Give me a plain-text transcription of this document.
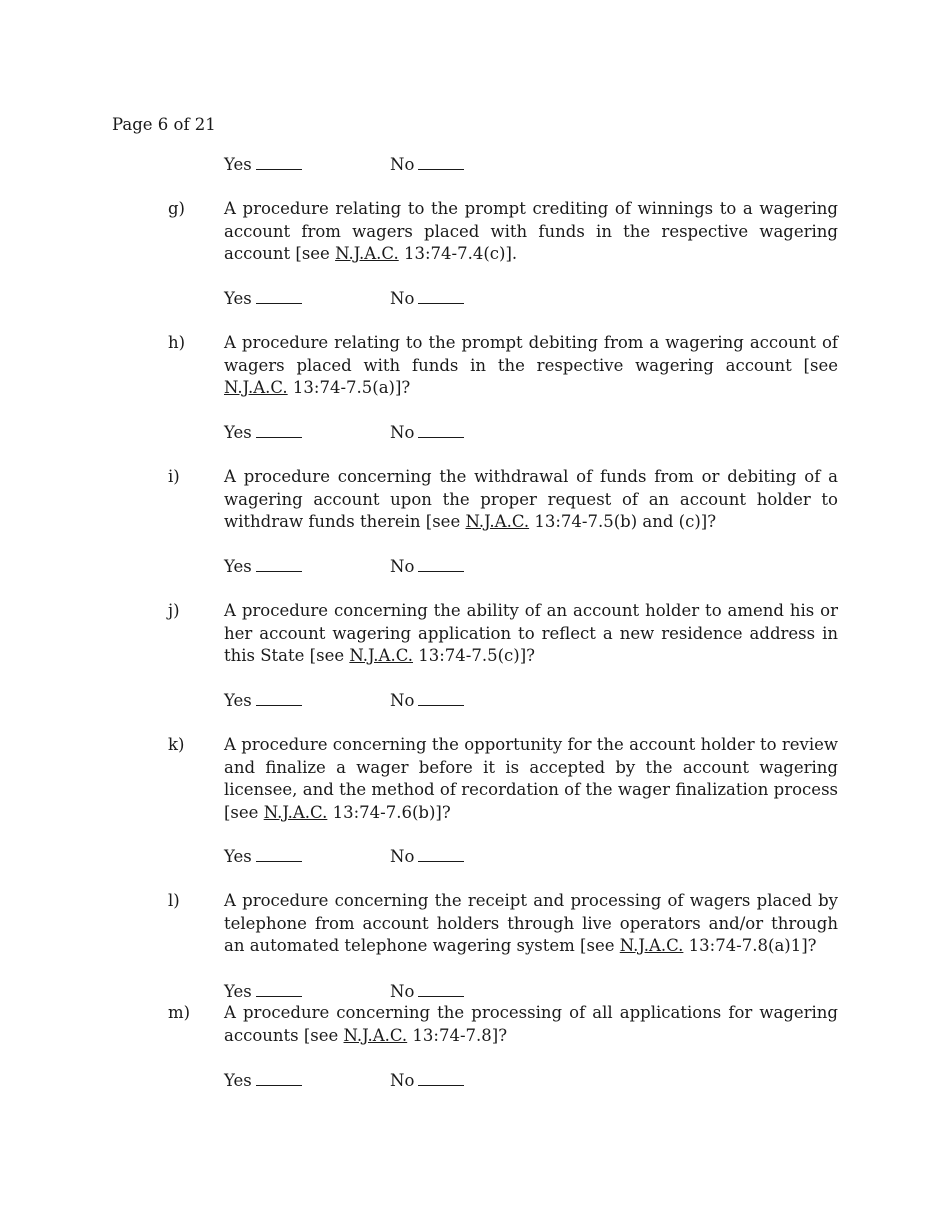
Page 6 of 21
Yes	No
g) A procedure relating to the prompt crediting of winnings to a wagering account from wagers placed with funds in the respective wagering account [see N.J.A.C. 13:74-7.4(c)].
Yes	No
h) A procedure relating to the prompt debiting from a wagering account of wagers placed with funds in the respective wagering account [see N.J.A.C. 13:74-7.5(a)]?
Yes	No
i)	A procedure concerning the withdrawal of funds from or debiting of a wagering account upon the proper request of an account holder to withdraw funds therein [see N.J.A.C. 13:74-7.5(b) and (c)]?
Yes	No
j)	A procedure concerning the ability of an account holder to amend his or her account wagering application to reflect a new residence address in this State [see N.J.A.C. 13:74-7.5(c)]?
Yes	No
k) A procedure concerning the opportunity for the account holder to review and finalize a wager before it is accepted by the account wagering licensee, and the method of recordation of the wager finalization process [see N.J.A.C. 13:74-7.6(b)]?
Yes	No
l)	A procedure concerning the receipt and processing of wagers placed by telephone from account holders through live operators and/or through an automated telephone wagering system [see N.J.A.C. 13:74-7.8(a)1]?
Yes	No
m) A procedure concerning the processing of all applications for wagering accounts [see N.J.A.C. 13:74-7.8]?
Yes	No
